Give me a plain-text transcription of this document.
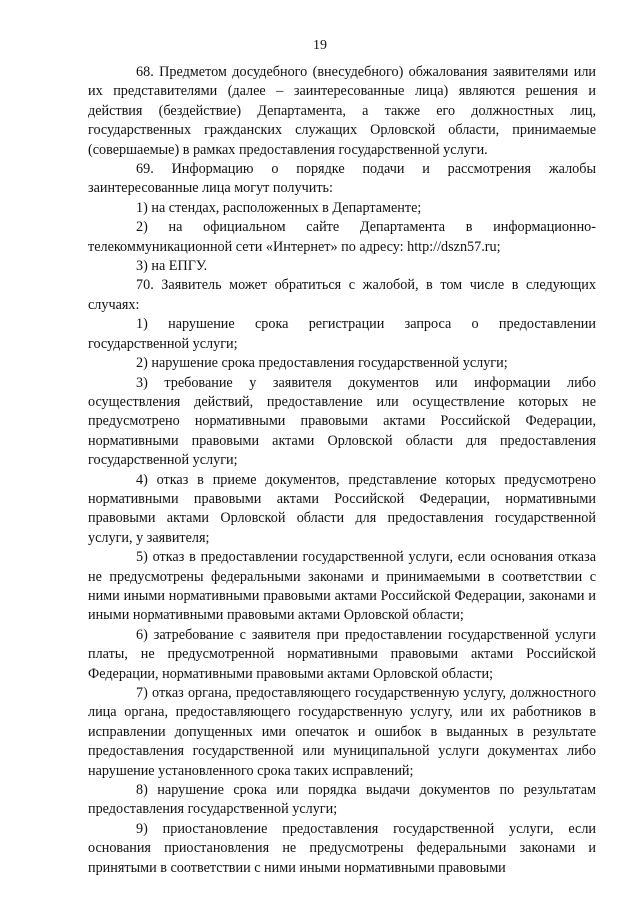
19

68. Предметом досудебного (внесудебного) обжалования заявителями или их представителями (далее – заинтересованные лица) являются решения и действия (бездействие) Департамента, а также его должностных лиц, государственных гражданских служащих Орловской области, принимаемые (совершаемые) в рамках предоставления государственной услуги.

69. Информацию о порядке подачи и рассмотрения жалобы заинтересованные лица могут получить:

1) на стендах, расположенных в Департаменте;

2) на официальном сайте Департамента в информационно-телекоммуникационной сети «Интернет» по адресу: http://dszn57.ru;

3) на ЕПГУ.

70. Заявитель может обратиться с жалобой, в том числе в следующих случаях:

1) нарушение срока регистрации запроса о предоставлении государственной услуги;

2) нарушение срока предоставления государственной услуги;

3) требование у заявителя документов или информации либо осуществления действий, предоставление или осуществление которых не предусмотрено нормативными правовыми актами Российской Федерации, нормативными правовыми актами Орловской области для предоставления государственной услуги;

4) отказ в приеме документов, представление которых предусмотрено нормативными правовыми актами Российской Федерации, нормативными правовыми актами Орловской области для предоставления государственной услуги, у заявителя;

5) отказ в предоставлении государственной услуги, если основания отказа не предусмотрены федеральными законами и принимаемыми в соответствии с ними иными нормативными правовыми актами Российской Федерации, законами и иными нормативными правовыми актами Орловской области;

6) затребование с заявителя при предоставлении государственной услуги платы, не предусмотренной нормативными правовыми актами Российской Федерации, нормативными правовыми актами Орловской области;

7) отказ органа, предоставляющего государственную услугу, должностного лица органа, предоставляющего государственную услугу, или их работников в исправлении допущенных ими опечаток и ошибок в выданных в результате предоставления государственной или муниципальной услуги документах либо нарушение установленного срока таких исправлений;

8) нарушение срока или порядка выдачи документов по результатам предоставления государственной услуги;

9) приостановление предоставления государственной услуги, если основания приостановления не предусмотрены федеральными законами и принятыми в соответствии с ними иными нормативными правовыми
